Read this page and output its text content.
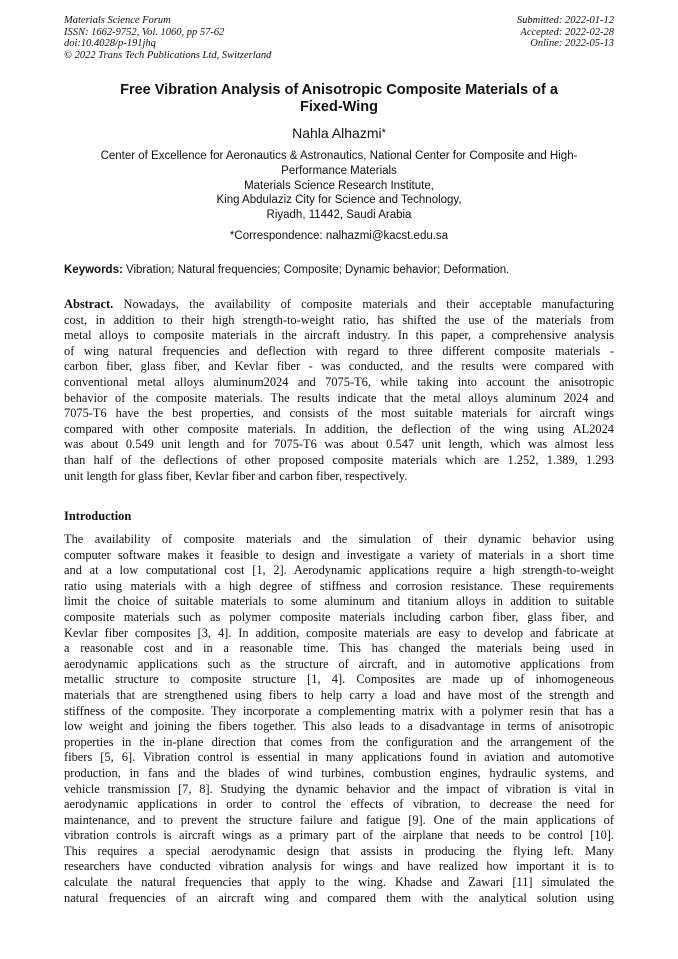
Materials Science Forum
ISSN: 1662-9752, Vol. 1060, pp 57-62
doi:10.4028/p-191jhq
© 2022 Trans Tech Publications Ltd, Switzerland
Submitted: 2022-01-12
Accepted: 2022-02-28
Online: 2022-05-13
Free Vibration Analysis of Anisotropic Composite Materials of a
Fixed-Wing
Nahla Alhazmi*
Center of Excellence for Aeronautics & Astronautics, National Center for Composite and High-
Performance Materials
Materials Science Research Institute,
King Abdulaziz City for Science and Technology,
Riyadh, 11442, Saudi Arabia
*Correspondence: nalhazmi@kacst.edu.sa
Keywords: Vibration; Natural frequencies; Composite; Dynamic behavior; Deformation.
Abstract. Nowadays, the availability of composite materials and their acceptable manufacturing
cost, in addition to their high strength-to-weight ratio, has shifted the use of the materials from
metal alloys to composite materials in the aircraft industry. In this paper, a comprehensive analysis
of wing natural frequencies and deflection with regard to three different composite materials -
carbon fiber, glass fiber, and Kevlar fiber - was conducted, and the results were compared with
conventional metal alloys aluminum2024 and 7075-T6, while taking into account the anisotropic
behavior of the composite materials. The results indicate that the metal alloys aluminum 2024 and
7075-T6 have the best properties, and consists of the most suitable materials for aircraft wings
compared with other composite materials. In addition, the deflection of the wing using AL2024
was about 0.549 unit length and for 7075-T6 was about 0.547 unit length, which was almost less
than half of the deflections of other proposed composite materials which are 1.252, 1.389, 1.293
unit length for glass fiber, Kevlar fiber and carbon fiber, respectively.
Introduction
The availability of composite materials and the simulation of their dynamic behavior using
computer software makes it feasible to design and investigate a variety of materials in a short time
and at a low computational cost [1, 2]. Aerodynamic applications require a high strength-to-weight
ratio using materials with a high degree of stiffness and corrosion resistance. These requirements
limit the choice of suitable materials to some aluminum and titanium alloys in addition to suitable
composite materials such as polymer composite materials including carbon fiber, glass fiber, and
Kevlar fiber composites [3, 4]. In addition, composite materials are easy to develop and fabricate at
a reasonable cost and in a reasonable time. This has changed the materials being used in
aerodynamic applications such as the structure of aircraft, and in automotive applications from
metallic structure to composite structure [1, 4]. Composites are made up of inhomogeneous
materials that are strengthened using fibers to help carry a load and have most of the strength and
stiffness of the composite. They incorporate a complementing matrix with a polymer resin that has a
low weight and joining the fibers together. This also leads to a disadvantage in terms of anisotropic
properties in the in-plane direction that comes from the configuration and the arrangement of the
fibers [5, 6]. Vibration control is essential in many applications found in aviation and automotive
production, in fans and the blades of wind turbines, combustion engines, hydraulic systems, and
vehicle transmission [7, 8]. Studying the dynamic behavior and the impact of vibration is vital in
aerodynamic applications in order to control the effects of vibration, to decrease the need for
maintenance, and to prevent the structure failure and fatigue [9]. One of the main applications of
vibration controls is aircraft wings as a primary part of the airplane that needs to be control [10].
This requires a special aerodynamic design that assists in producing the flying left. Many
researchers have conducted vibration analysis for wings and have realized how important it is to
calculate the natural frequencies that apply to the wing. Khadse and Zawari [11] simulated the
natural frequencies of an aircraft wing and compared them with the analytical solution using
